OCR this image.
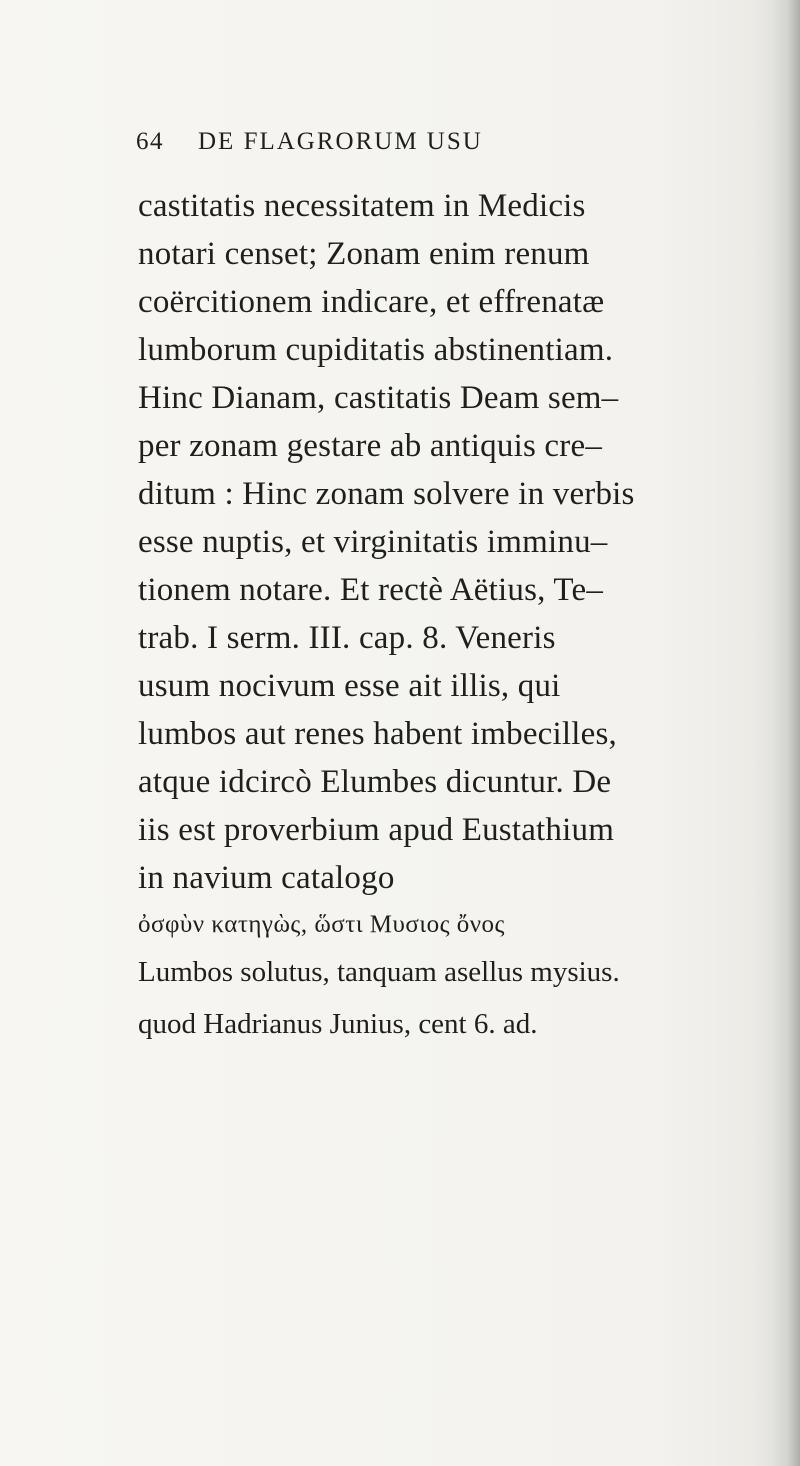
64 DE FLAGRORUM USU
castitatis necessitatem in Medicis
notari censet; Zonam enim renum
coërcitionem indicare, et effrenatæ
lumborum cupiditatis abstinentiam.
Hinc Dianam, castitatis Deam sem–
per zonam gestare ab antiquis cre–
ditum : Hinc zonam solvere in verbis
esse nuptis, et virginitatis imminu–
tionem notare. Et rectè Aëtius, Te–
trab. I serm. III. cap. 8. Veneris
usum nocivum esse ait illis, qui
lumbos aut renes habent imbecilles,
atque idcircò Elumbes dicuntur. De
iis est proverbium apud Eustathium
in navium catalogo
ὀσφὺν κατηγὼς, ὥστι Μυσιος ὄνος
Lumbos solutus, tanquam asellus mysius.
quod Hadrianus Junius, cent 6. ad.
